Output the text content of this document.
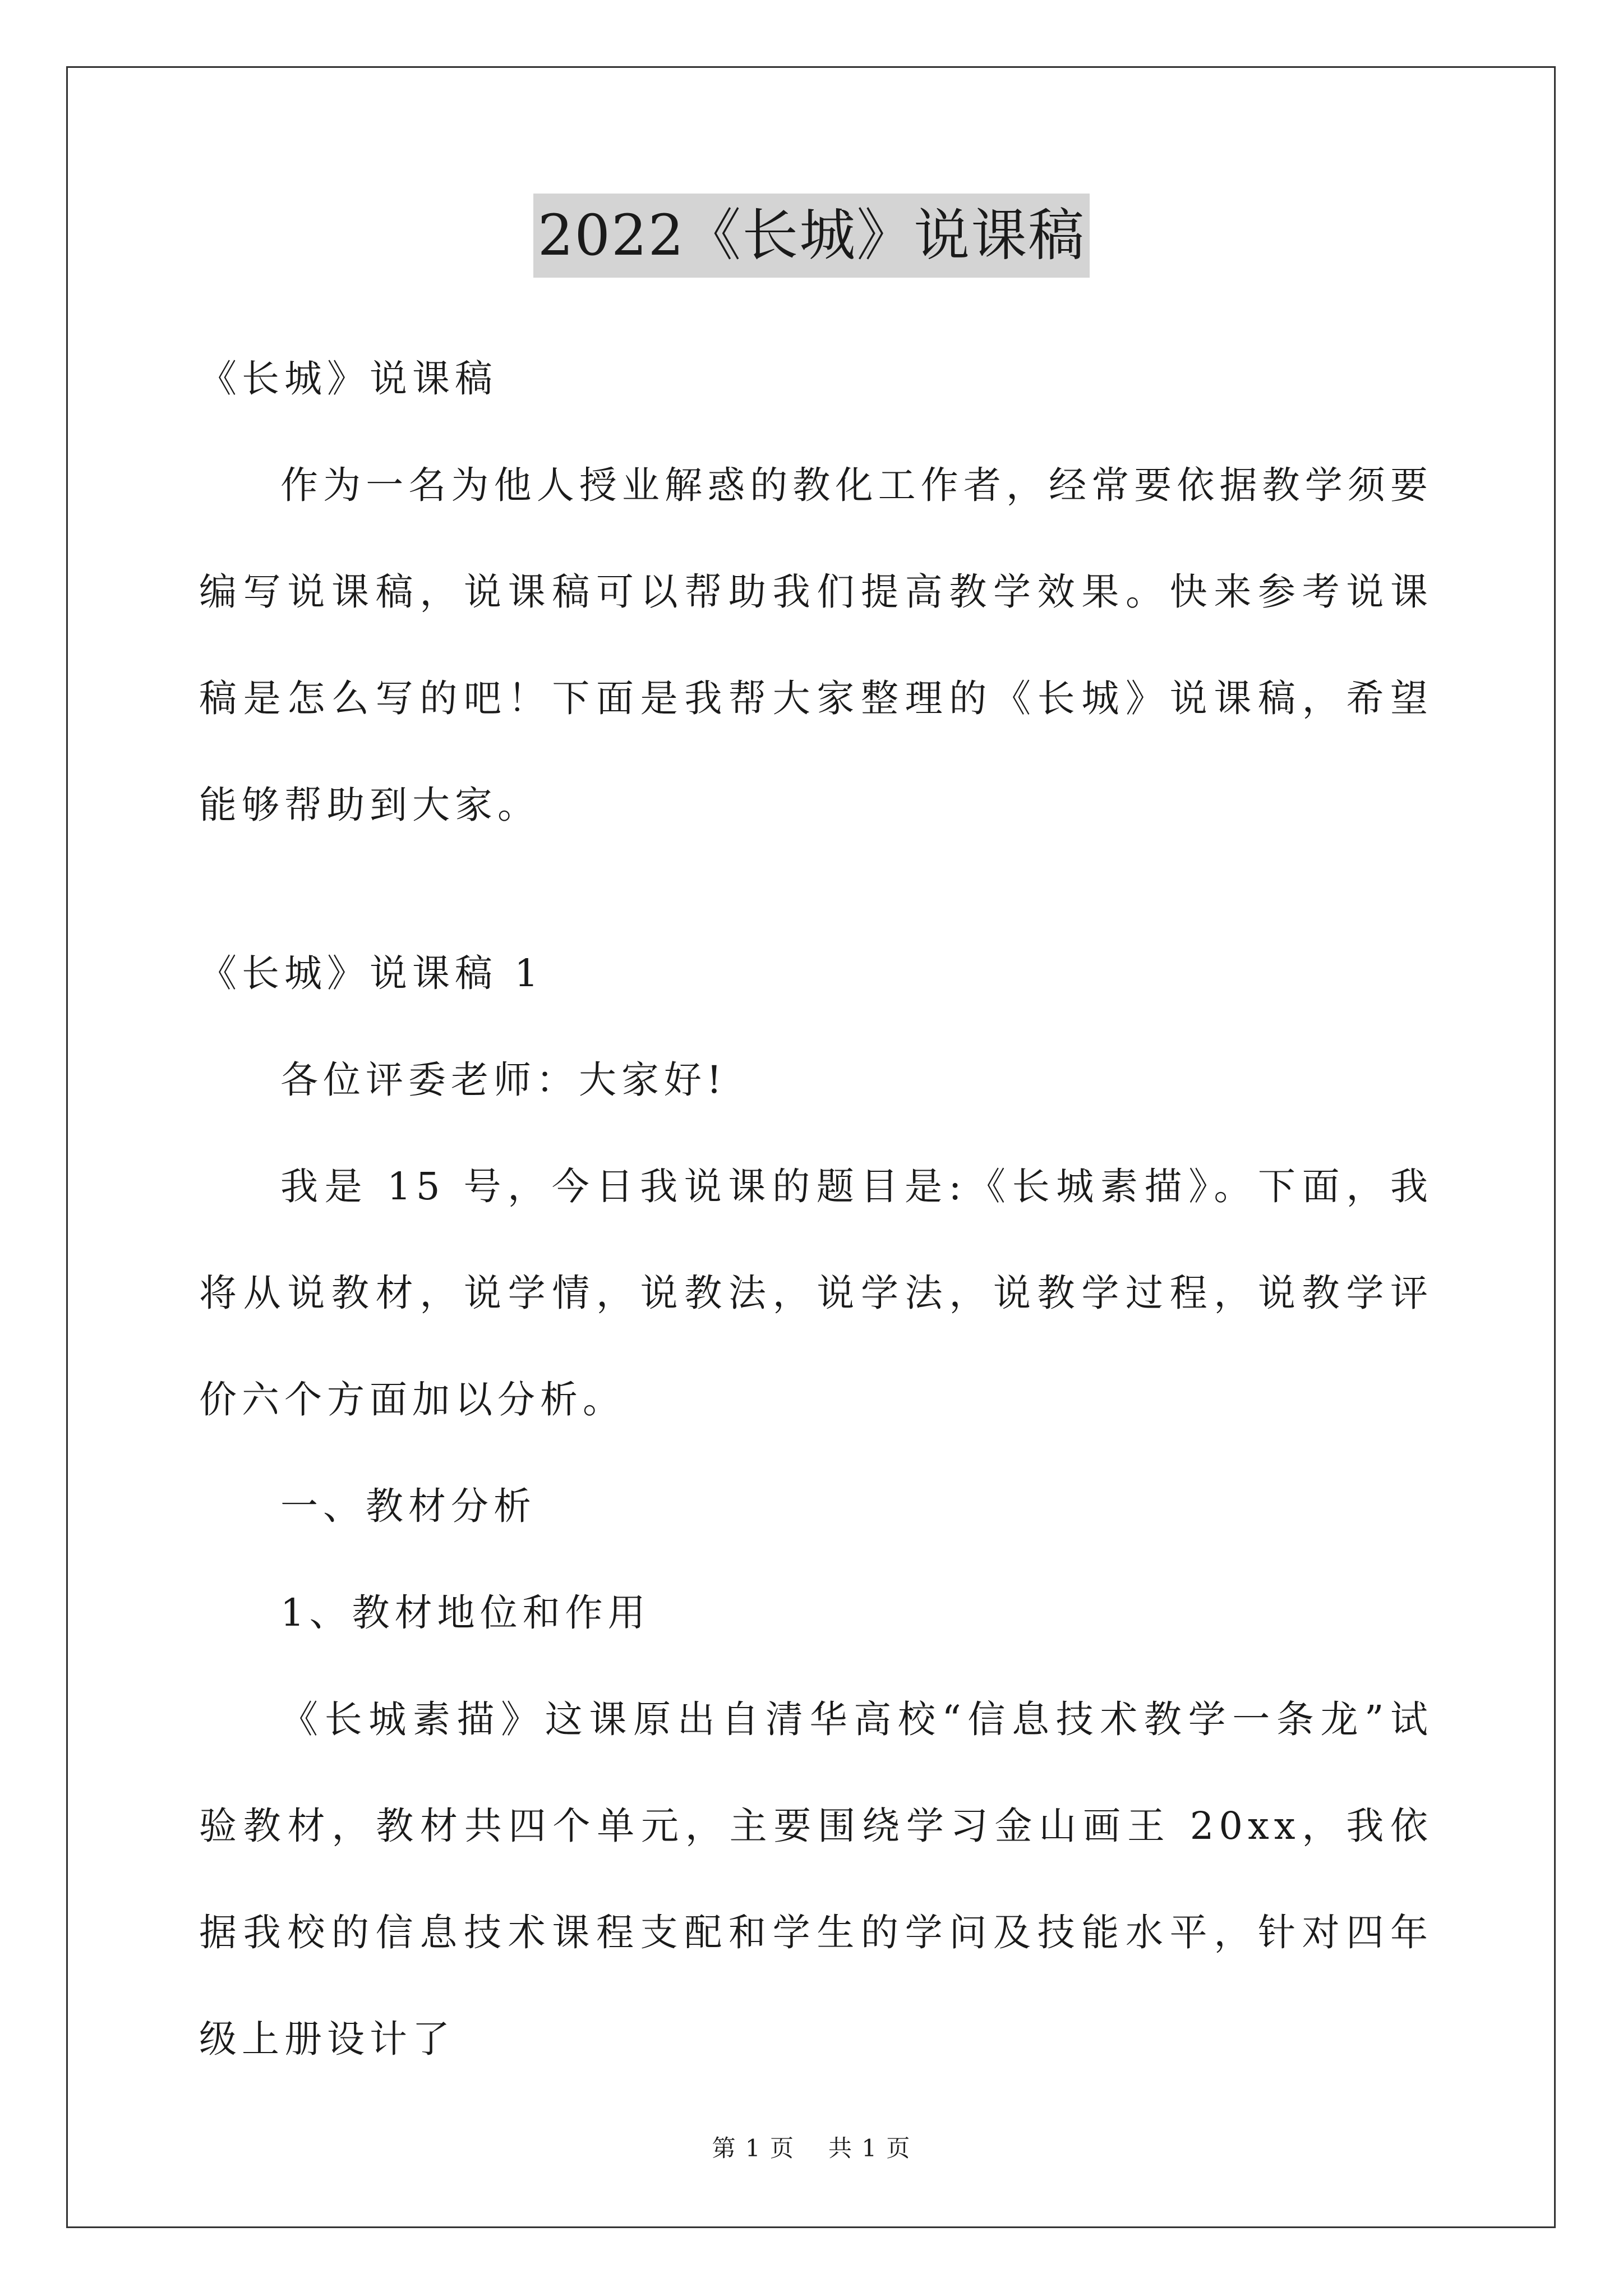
2022《长城》说课稿

《长城》说课稿

作为一名为他人授业解惑的教化工作者，经常要依据教学须要编写说课稿，说课稿可以帮助我们提高教学效果。快来参考说课稿是怎么写的吧！下面是我帮大家整理的《长城》说课稿，希望能够帮助到大家。

《长城》说课稿 1

各位评委老师：大家好!

我是 15 号，今日我说课的题目是:《长城素描》。下面，我将从说教材，说学情，说教法，说学法，说教学过程，说教学评价六个方面加以分析。

一、教材分析

1、教材地位和作用

《长城素描》这课原出自清华高校“信息技术教学一条龙”试验教材，教材共四个单元，主要围绕学习金山画王 20xx，我依据我校的信息技术课程支配和学生的学问及技能水平，针对四年级上册设计了

第 1 页 共 1 页
